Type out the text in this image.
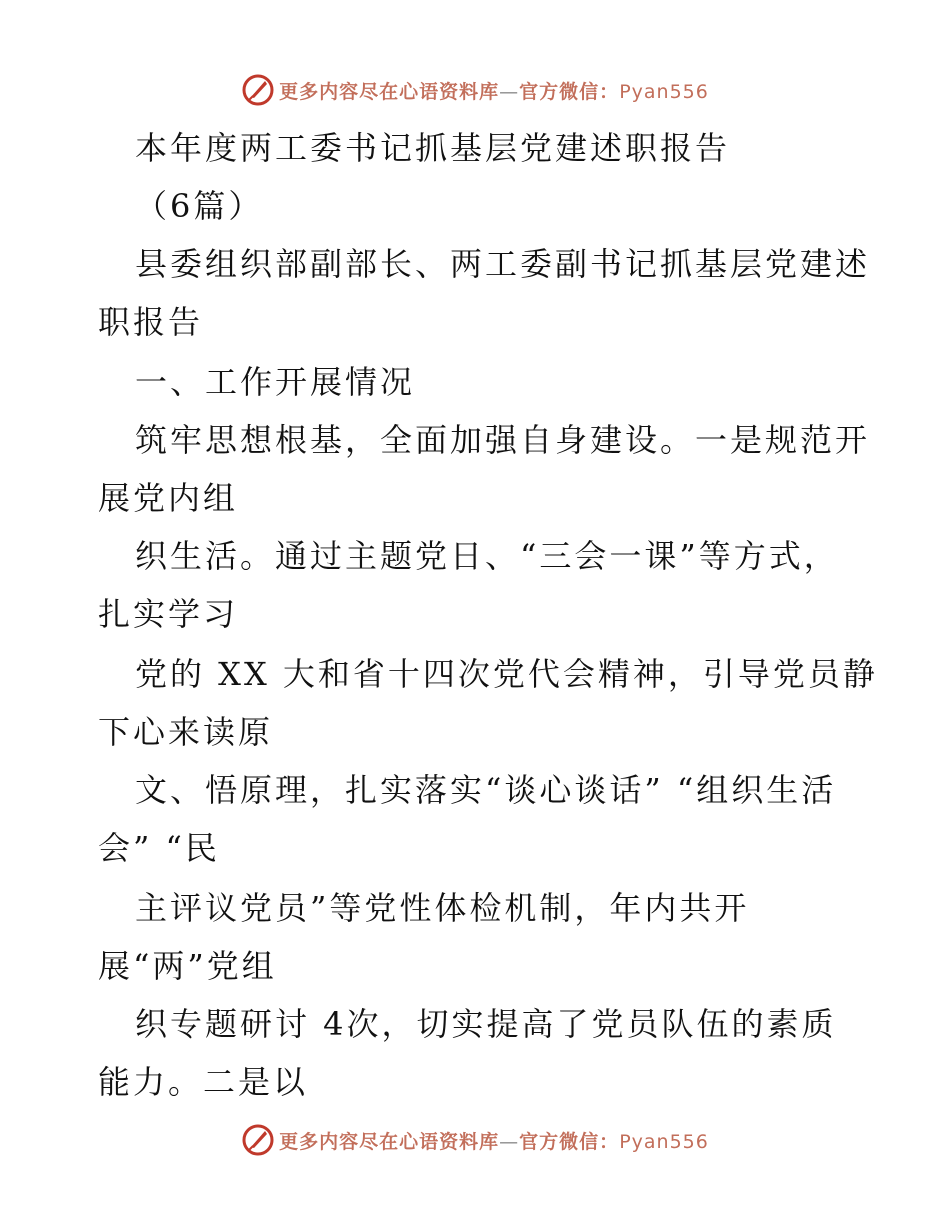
更多内容尽在心语资料库—官方微信：Pyan556
本年度两工委书记抓基层党建述职报告
（6篇）
县委组织部副部长、两工委副书记抓基层党建述
职报告
一、工作开展情况
筑牢思想根基，全面加强自身建设。一是规范开
展党内组
织生活。通过主题党日、“三会一课”等方式，
扎实学习
党的 XX 大和省十四次党代会精神，引导党员静
下心来读原
文、悟原理，扎实落实“谈心谈话” “组织生活
会” “民
主评议党员”等党性体检机制，年内共开
展“两”党组
织专题研讨 4次，切实提高了党员队伍的素质
能力。二是以
更多内容尽在心语资料库—官方微信：Pyan556
